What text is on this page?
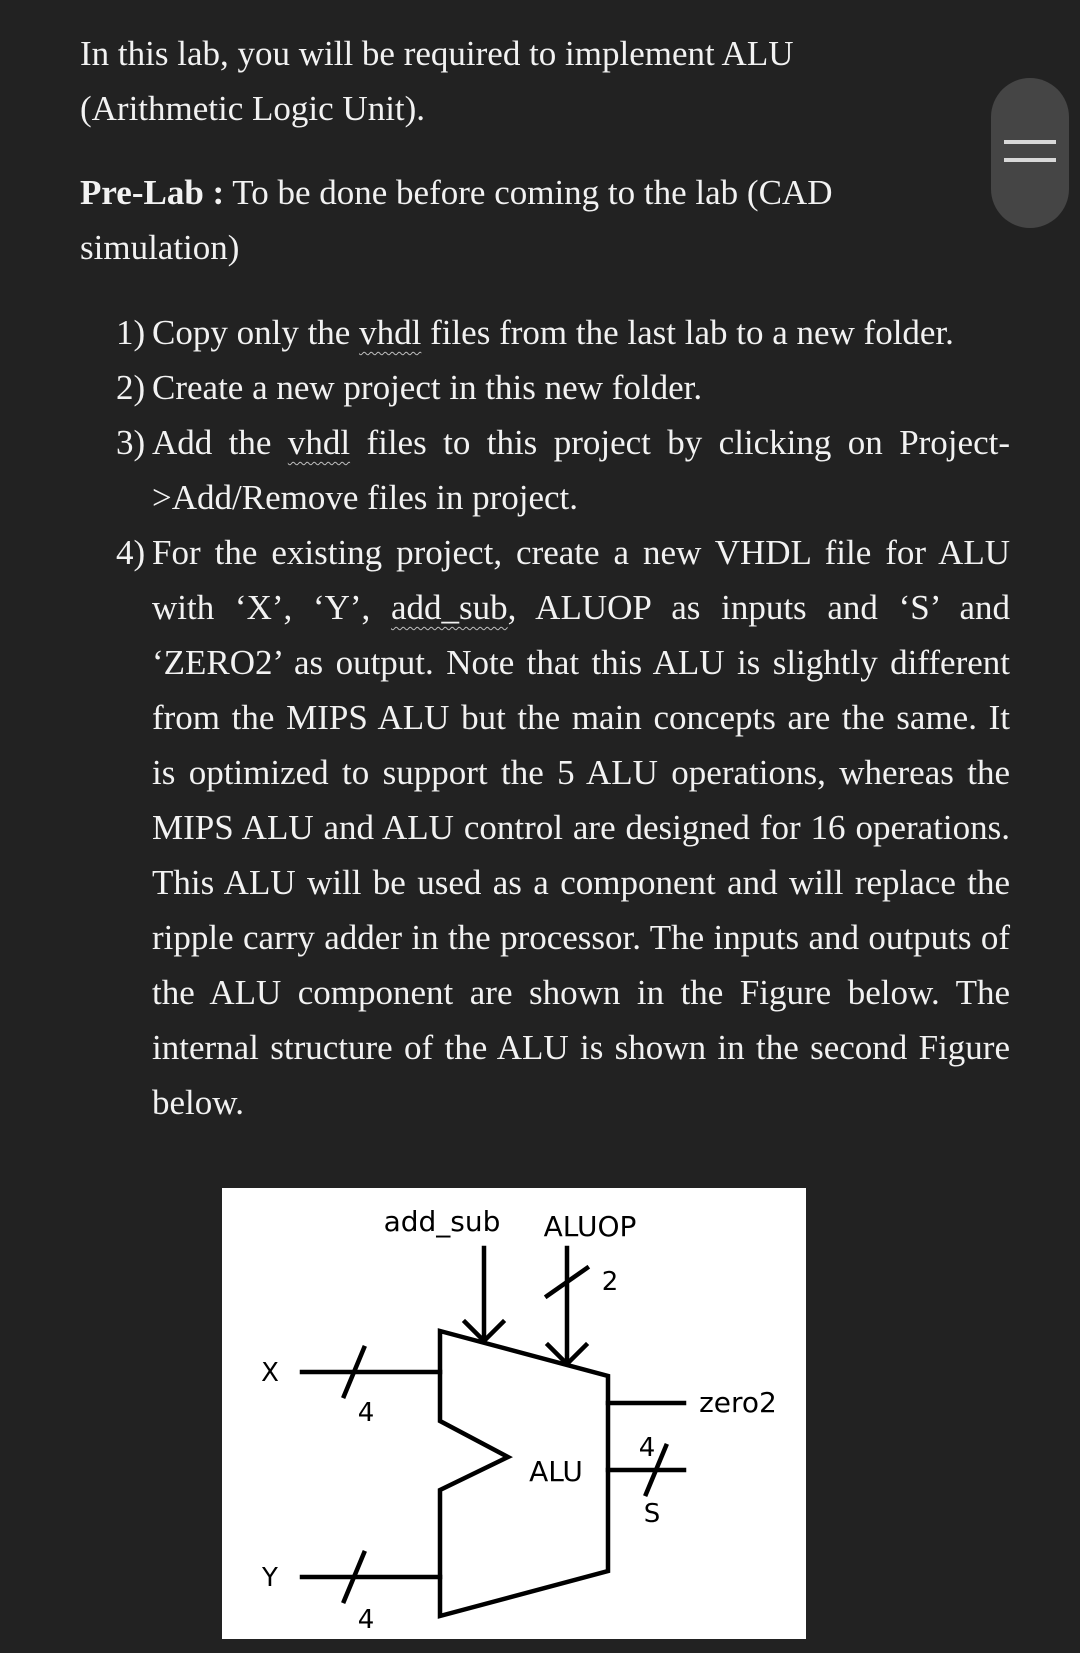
In this lab, you will be required to implement ALU (Arithmetic Logic Unit).

Pre-Lab : To be done before coming to the lab (CAD simulation)

1) Copy only the vhdl files from the last lab to a new folder.
2) Create a new project in this new folder.
3) Add the vhdl files to this project by clicking on Project->Add/Remove files in project.
4) For the existing project, create a new VHDL file for ALU with ‘X’, ‘Y’, add_sub, ALUOP as inputs and ‘S’ and ‘ZERO2’ as output. Note that this ALU is slightly different from the MIPS ALU but the main concepts are the same. It is optimized to support the 5 ALU operations, whereas the MIPS ALU and ALU control are designed for 16 operations. This ALU will be used as a component and will replace the ripple carry adder in the processor. The inputs and outputs of the ALU component are shown in the Figure below. The internal structure of the ALU is shown in the second Figure below.
add_sub ALUOP
2
X
4
Y
4
ALU
zero2
4
S
